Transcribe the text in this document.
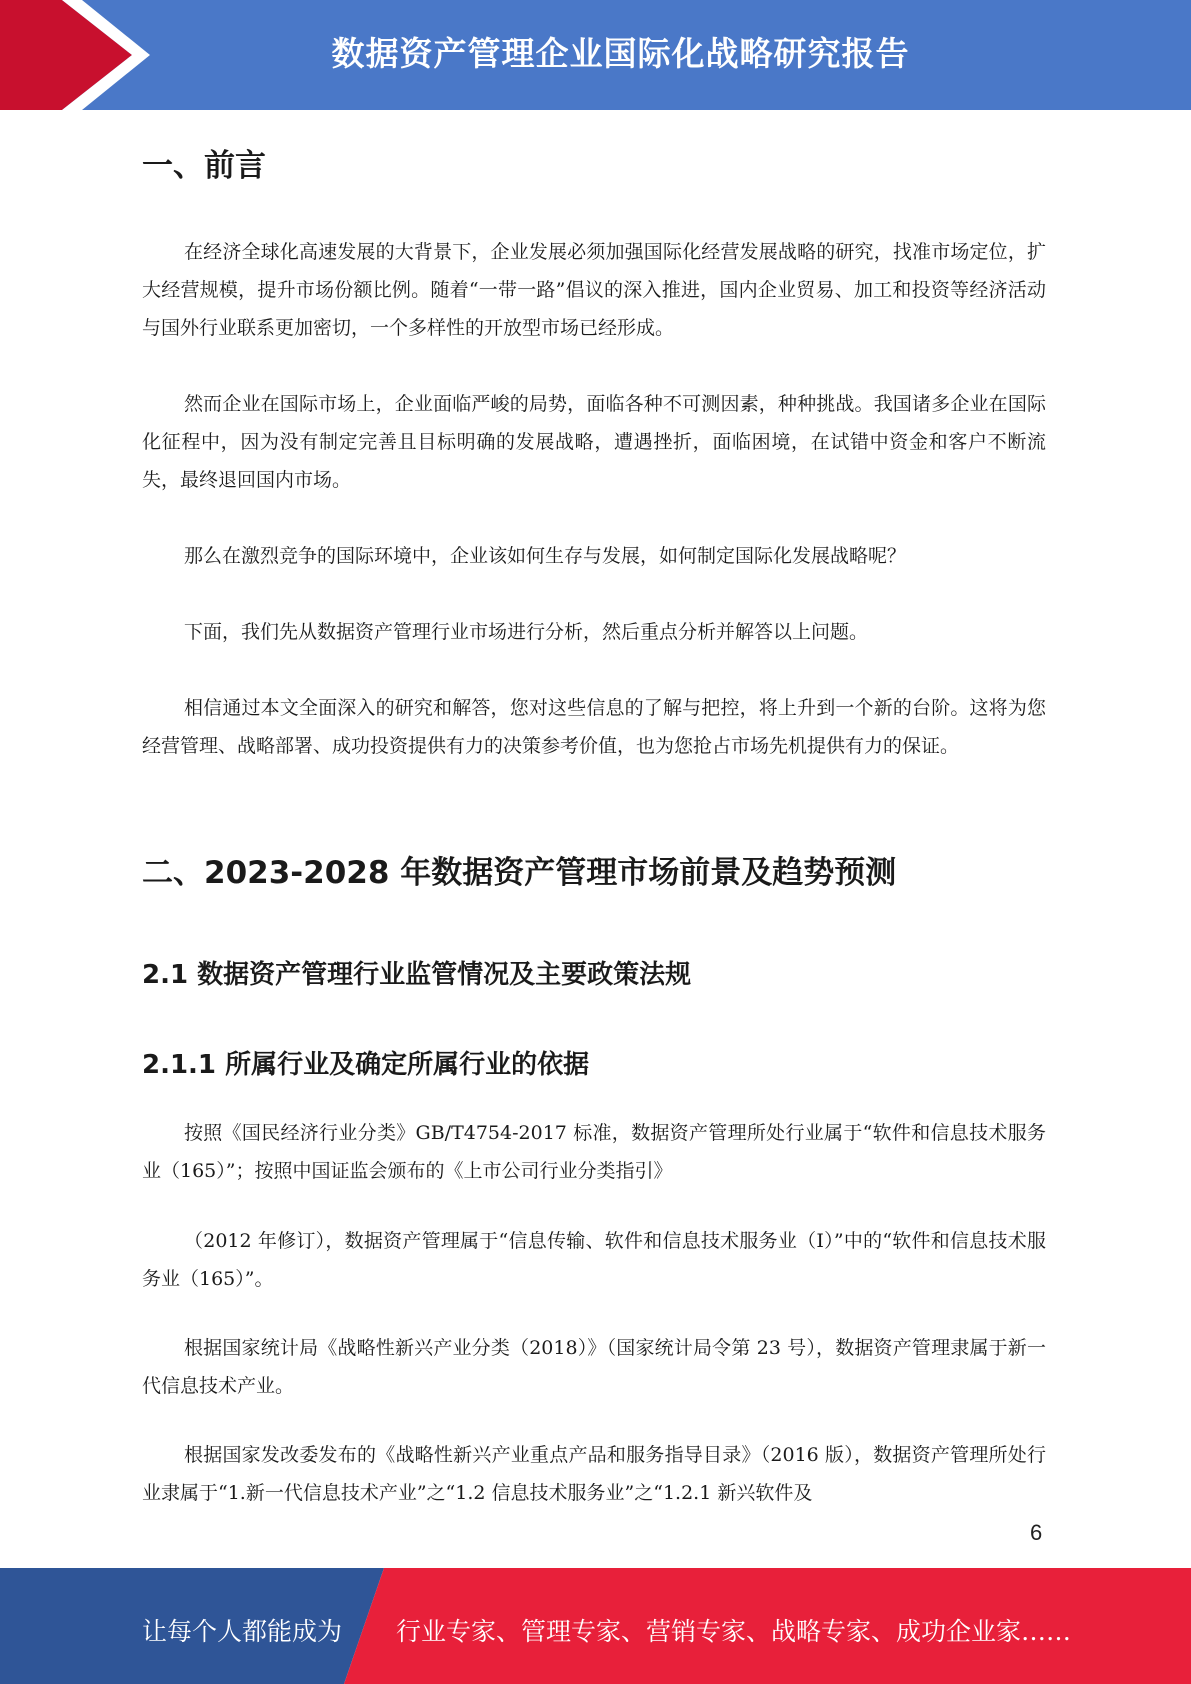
数据资产管理企业国际化战略研究报告
一、前言

在经济全球化高速发展的大背景下，企业发展必须加强国际化经营发展战略的研究，找准市场定位，扩大经营规模，提升市场份额比例。随着“一带一路”倡议的深入推进，国内企业贸易、加工和投资等经济活动与国外行业联系更加密切，一个多样性的开放型市场已经形成。

然而企业在国际市场上，企业面临严峻的局势，面临各种不可测因素，种种挑战。我国诸多企业在国际化征程中，因为没有制定完善且目标明确的发展战略，遭遇挫折，面临困境，在试错中资金和客户不断流失，最终退回国内市场。

那么在激烈竞争的国际环境中，企业该如何生存与发展，如何制定国际化发展战略呢？

下面，我们先从数据资产管理行业市场进行分析，然后重点分析并解答以上问题。

相信通过本文全面深入的研究和解答，您对这些信息的了解与把控，将上升到一个新的台阶。这将为您经营管理、战略部署、成功投资提供有力的决策参考价值，也为您抢占市场先机提供有力的保证。

二、2023-2028 年数据资产管理市场前景及趋势预测
2.1 数据资产管理行业监管情况及主要政策法规
2.1.1 所属行业及确定所属行业的依据

按照《国民经济行业分类》GB/T4754-2017 标准，数据资产管理所处行业属于“软件和信息技术服务业（165）”；按照中国证监会颁布的《上市公司行业分类指引》

（2012 年修订），数据资产管理属于“信息传输、软件和信息技术服务业（I）”中的“软件和信息技术服务业（165）”。

根据国家统计局《战略性新兴产业分类（2018）》（国家统计局令第 23 号），数据资产管理隶属于新一代信息技术产业。

根据国家发改委发布的《战略性新兴产业重点产品和服务指导目录》（2016 版），数据资产管理所处行业隶属于“1.新一代信息技术产业”之“1.2 信息技术服务业”之“1.2.1 新兴软件及

6
让每个人都能成为 行业专家、管理专家、营销专家、战略专家、成功企业家……
